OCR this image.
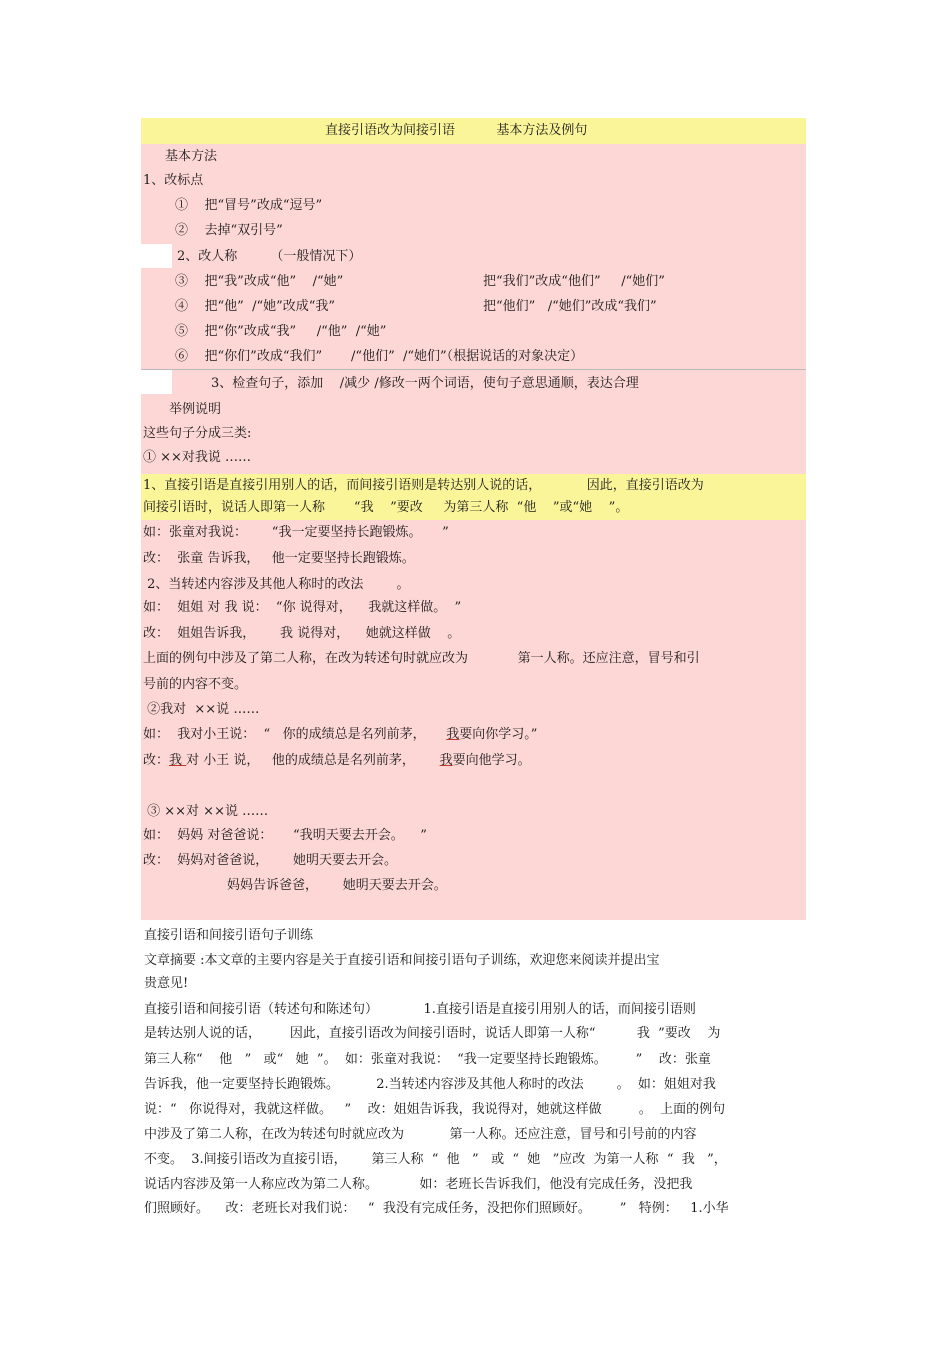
直接引语改为间接引语          基本方法及例句
基本方法
1、改标点
①    把“冒号”改成“逗号”
②    去掉“双引号”
2、改人称        （一般情况下）
③    把“我”改成“他”    /“她”	把“我们”改成“他们”     /“她们”
④    把“他”  /“她”改成“我”	把“他们”   /“她们”改成“我们”
⑤    把“你”改成“我”     /“他”  /“她”
⑥    把“你们”改成“我们”       /“他们”  /“她们”（根据说话的对象决定）
3、检查句子，添加    /减少 /修改一两个词语，使句子意思通顺，表达合理
举例说明
这些句子分成三类:
① ××对我说 ……
1、直接引语是直接引用别人的话，而间接引语则是转达别人说的话，           因此，直接引语改为
间接引语时，说话人即第一人称       “我    ”要改     为第三人称  “他    ”或“她    ”。
如：张童对我说：      “我一定要坚持长跑锻炼。     ”
改：  张童 告诉我，   他一定要坚持长跑锻炼。
2、当转述内容涉及其他人称时的改法        。
如：  姐姐 对 我 说：  “你 说得对，    我就这样做。  ”
改：  姐姐告诉我，      我 说得对，    她就这样做    。
上面的例句中涉及了第二人称，在改为转述句时就应改为            第一人称。还应注意，冒号和引
号前的内容不变。
②我对  ××说 ……
如：  我对小王说：  “   你的成绩总是名列前茅，     我要向你学习。”
改：我 对 小王 说，   他的成绩总是名列前茅，      我要向他学习。
③ ××对 ××说 ……
如：  妈妈 对爸爸说：     “我明天要去开会。    ”
改：  妈妈对爸爸说，      她明天要去开会。
妈妈告诉爸爸，      她明天要去开会。
直接引语和间接引语句子训练
文章摘要 :本文章的主要内容是关于直接引语和间接引语句子训练，欢迎您来阅读并提出宝
贵意见!
直接引语和间接引语（转述句和陈述句）           1.直接引语是直接引用别人的话，而间接引语则
是转达别人说的话，       因此，直接引语改为间接引语时，说话人即第一人称“          我  ”要改    为
第三人称“    他   ”   或“   她  ”。  如：张童对我说：  “我一定要坚持长跑锻炼。       ”    改：张童
告诉我，他一定要坚持长跑锻炼。         2.当转述内容涉及其他人称时的改法        。  如：姐姐对我
说：“   你说得对，我就这样做。   ”    改：姐姐告诉我，我说得对，她就这样做         。  上面的例句
中涉及了第二人称，在改为转述句时就应改为           第一人称。还应注意，冒号和引号前的内容
不变。  3.间接引语改为直接引语，      第三人称  “  他   ”   或  “  她   ”应改  为第一人称  “  我   ”，
说话内容涉及第一人称应改为第二人称。          如：老班长告诉我们，他没有完成任务，没把我
们照顾好。    改：老班长对我们说：   “  我没有完成任务，没把你们照顾好。       ”   特例：   1.小华
